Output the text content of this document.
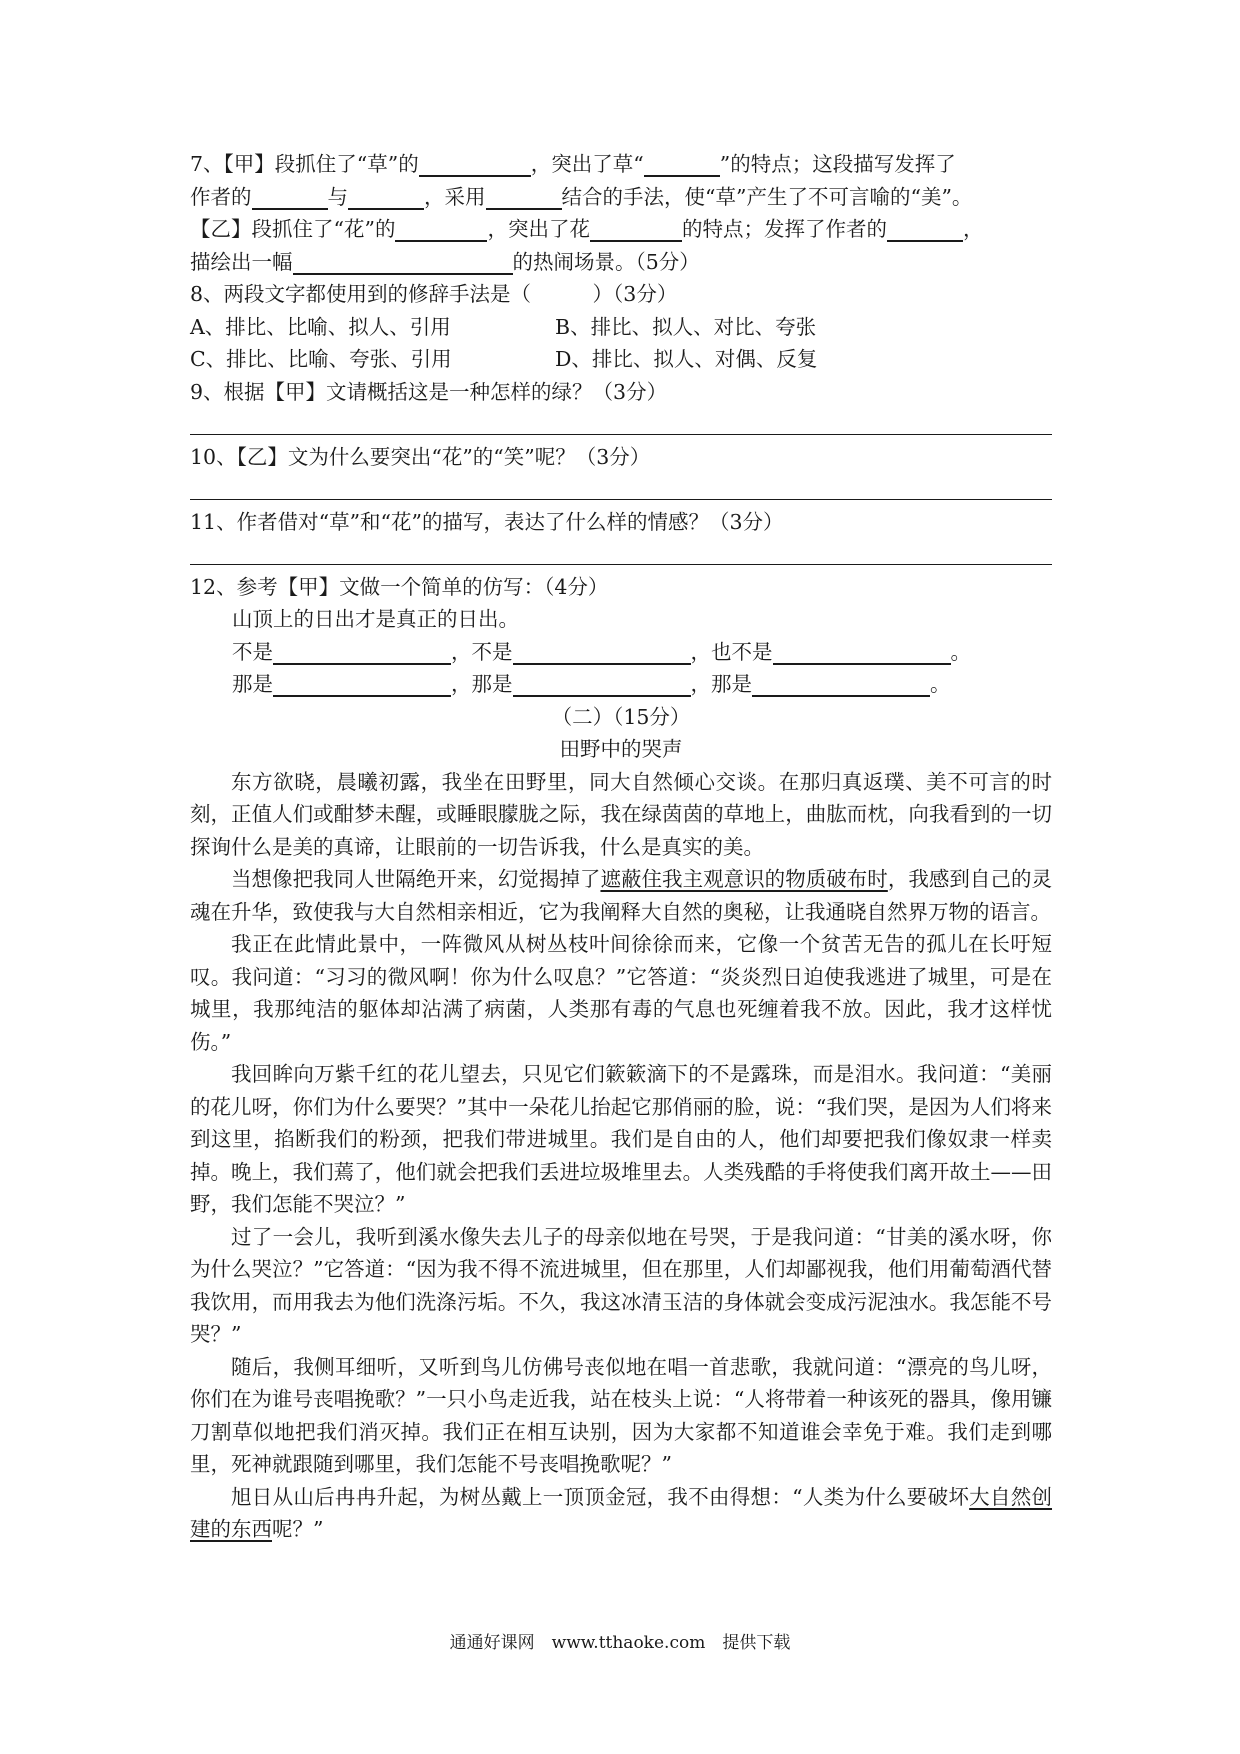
7、【甲】段抓住了“草”的	，突出了草“	”的特点；这段描写发挥了
作者的	与	，采用	结合的手法，使“草”产生了不可言喻的“美”。
【乙】段抓住了“花”的	，突出了花	的特点；发挥了作者的	，
描绘出一幅	的热闹场景。（5分）
8、两段文字都使用到的修辞手法是（　　　）（3分）
A、排比、比喻、拟人、引用	B、排比、拟人、对比、夸张
C、排比、比喻、夸张、引用	D、排比、拟人、对偶、反复
9、根据【甲】文请概括这是一种怎样的绿？（3分）
10、【乙】文为什么要突出“花”的“笑”呢？（3分）
11、作者借对“草”和“花”的描写，表达了什么样的情感？（3分）
12、参考【甲】文做一个简单的仿写：（4分）
山顶上的日出才是真正的日出。
不是	，不是	，也不是	。
那是	，那是	，那是	。
（二）（15分）
田野中的哭声

东方欲晓，晨曦初露，我坐在田野里，同大自然倾心交谈。在那归真返璞、美不可言的时刻，正值人们或酣梦未醒，或睡眼朦胧之际，我在绿茵茵的草地上，曲肱而枕，向我看到的一切探询什么是美的真谛，让眼前的一切告诉我，什么是真实的美。

当想像把我同人世隔绝开来，幻觉揭掉了遮蔽住我主观意识的物质破布时，我感到自己的灵魂在升华，致使我与大自然相亲相近，它为我阐释大自然的奥秘，让我通晓自然界万物的语言。

我正在此情此景中，一阵微风从树丛枝叶间徐徐而来，它像一个贫苦无告的孤儿在长吁短叹。我问道：“习习的微风啊！你为什么叹息？”它答道：“炎炎烈日迫使我逃进了城里，可是在城里，我那纯洁的躯体却沾满了病菌，人类那有毒的气息也死缠着我不放。因此，我才这样忧伤。”

我回眸向万紫千红的花儿望去，只见它们簌簌滴下的不是露珠，而是泪水。我问道：“美丽的花儿呀，你们为什么要哭？”其中一朵花儿抬起它那俏丽的脸，说：“我们哭，是因为人们将来到这里，掐断我们的粉颈，把我们带进城里。我们是自由的人，他们却要把我们像奴隶一样卖掉。晚上，我们蔫了，他们就会把我们丢进垃圾堆里去。人类残酷的手将使我们离开故土——田野，我们怎能不哭泣？”

过了一会儿，我听到溪水像失去儿子的母亲似地在号哭，于是我问道：“甘美的溪水呀，你为什么哭泣？”它答道：“因为我不得不流进城里，但在那里，人们却鄙视我，他们用葡萄酒代替我饮用，而用我去为他们洗涤污垢。不久，我这冰清玉洁的身体就会变成污泥浊水。我怎能不号哭？”

随后，我侧耳细听，又听到鸟儿仿佛号丧似地在唱一首悲歌，我就问道：“漂亮的鸟儿呀，你们在为谁号丧唱挽歌？”一只小鸟走近我，站在枝头上说：“人将带着一种该死的器具，像用镰刀割草似地把我们消灭掉。我们正在相互诀别，因为大家都不知道谁会幸免于难。我们走到哪里，死神就跟随到哪里，我们怎能不号丧唱挽歌呢？”

旭日从山后冉冉升起，为树丛戴上一顶顶金冠，我不由得想：“人类为什么要破坏大自然创建的东西呢？”

通通好课网　www.tthaoke.com　提供下载
